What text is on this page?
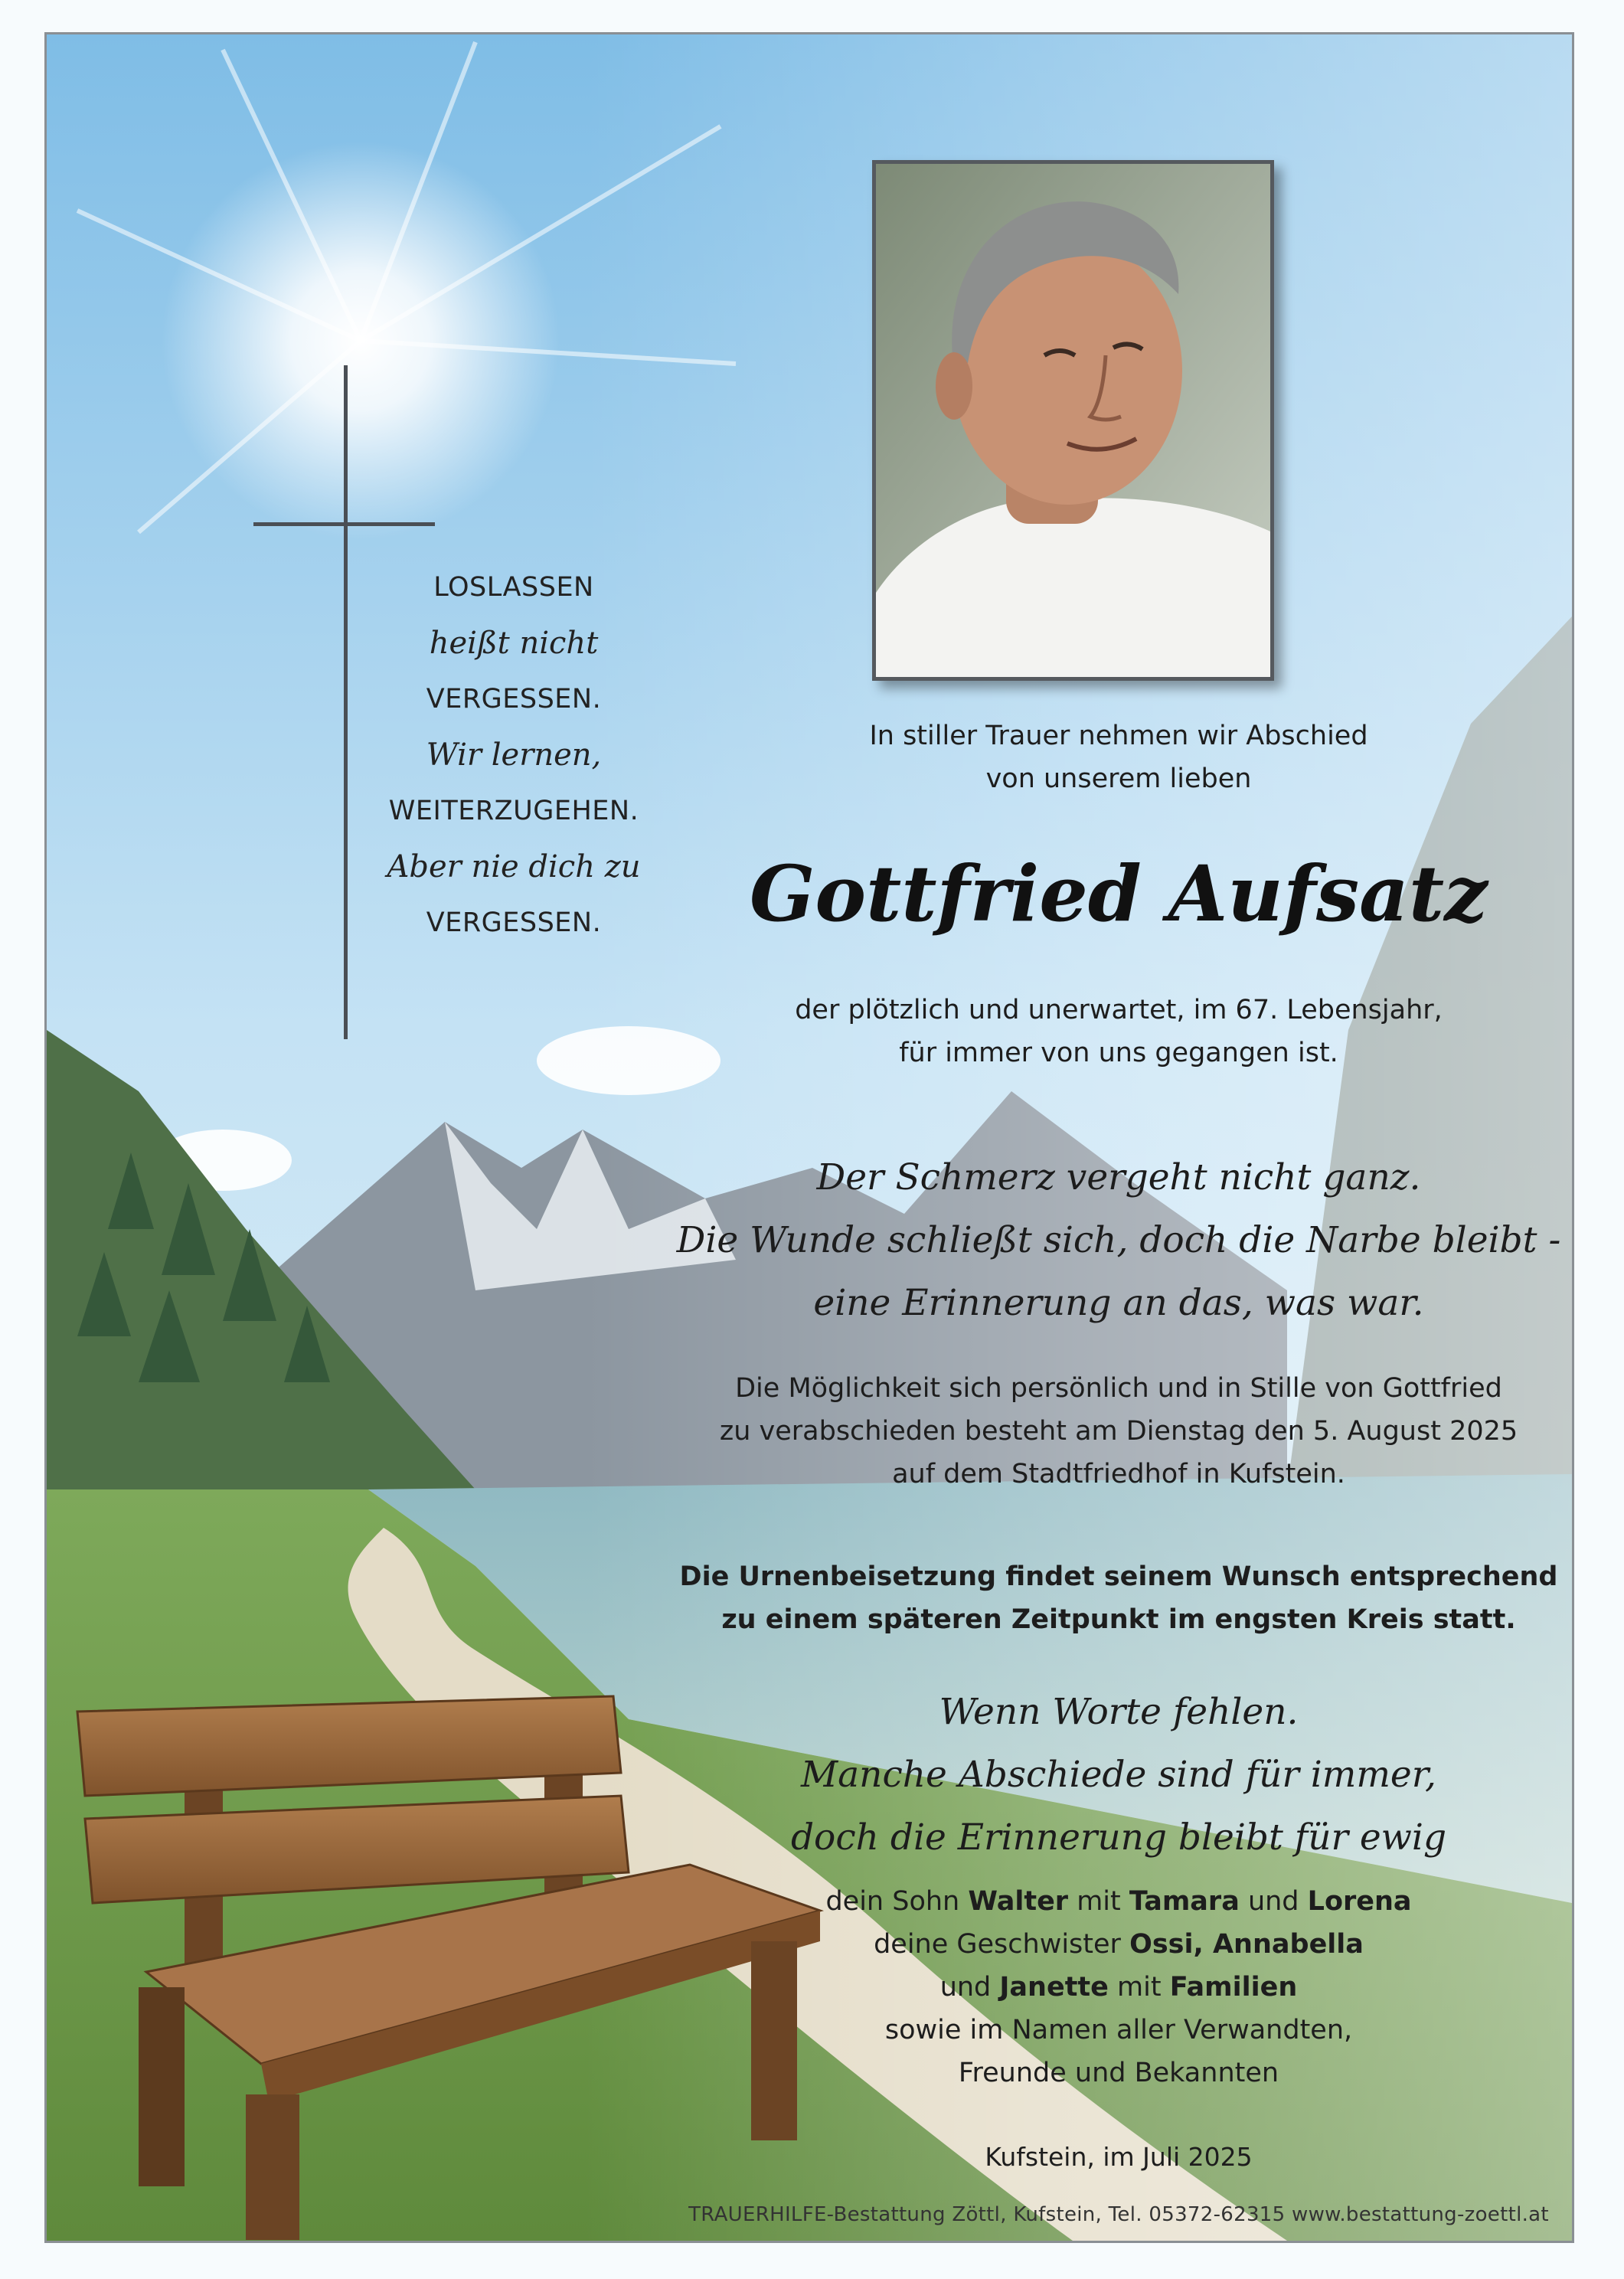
LOSLASSEN
heißt nicht
VERGESSEN.
Wir lernen,
WEITERZUGEHEN.
Aber nie dich zu
VERGESSEN.
In stiller Trauer nehmen wir Abschied
von unserem lieben
Gottfried Aufsatz
der plötzlich und unerwartet, im 67. Lebensjahr,
für immer von uns gegangen ist.
Der Schmerz vergeht nicht ganz.
Die Wunde schließt sich, doch die Narbe bleibt -
eine Erinnerung an das, was war.
Die Möglichkeit sich persönlich und in Stille von Gottfried
zu verabschieden besteht am Dienstag den 5. August 2025
auf dem Stadtfriedhof in Kufstein.
Die Urnenbeisetzung findet seinem Wunsch entsprechend
zu einem späteren Zeitpunkt im engsten Kreis statt.
Wenn Worte fehlen.
Manche Abschiede sind für immer,
doch die Erinnerung bleibt für ewig
dein Sohn Walter mit Tamara und Lorena
deine Geschwister Ossi, Annabella
und Janette mit Familien
sowie im Namen aller Verwandten,
Freunde und Bekannten
Kufstein, im Juli 2025
TRAUERHILFE-Bestattung Zöttl, Kufstein, Tel. 05372-62315 www.bestattung-zoettl.at
